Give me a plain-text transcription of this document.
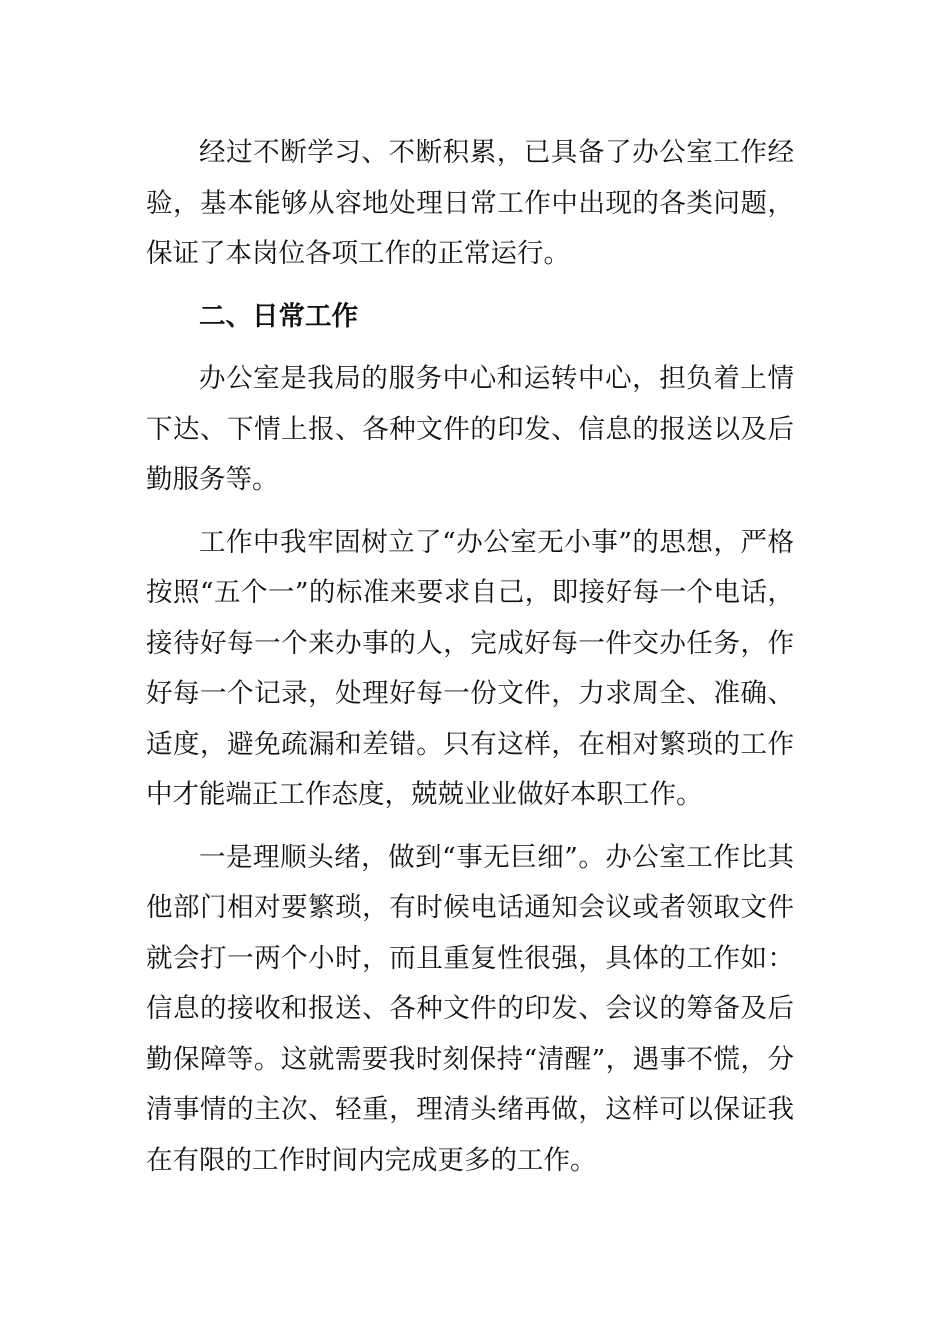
经过不断学习、不断积累，已具备了办公室工作经验，基本能够从容地处理日常工作中出现的各类问题，保证了本岗位各项工作的正常运行。

二、日常工作

办公室是我局的服务中心和运转中心，担负着上情下达、下情上报、各种文件的印发、信息的报送以及后勤服务等。

工作中我牢固树立了“办公室无小事”的思想，严格按照“五个一”的标准来要求自己，即接好每一个电话，接待好每一个来办事的人，完成好每一件交办任务，作好每一个记录，处理好每一份文件，力求周全、准确、适度，避免疏漏和差错。只有这样，在相对繁琐的工作中才能端正工作态度，兢兢业业做好本职工作。

一是理顺头绪，做到“事无巨细”。办公室工作比其他部门相对要繁琐，有时候电话通知会议或者领取文件就会打一两个小时，而且重复性很强，具体的工作如：信息的接收和报送、各种文件的印发、会议的筹备及后勤保障等。这就需要我时刻保持“清醒”，遇事不慌，分清事情的主次、轻重，理清头绪再做，这样可以保证我在有限的工作时间内完成更多的工作。
